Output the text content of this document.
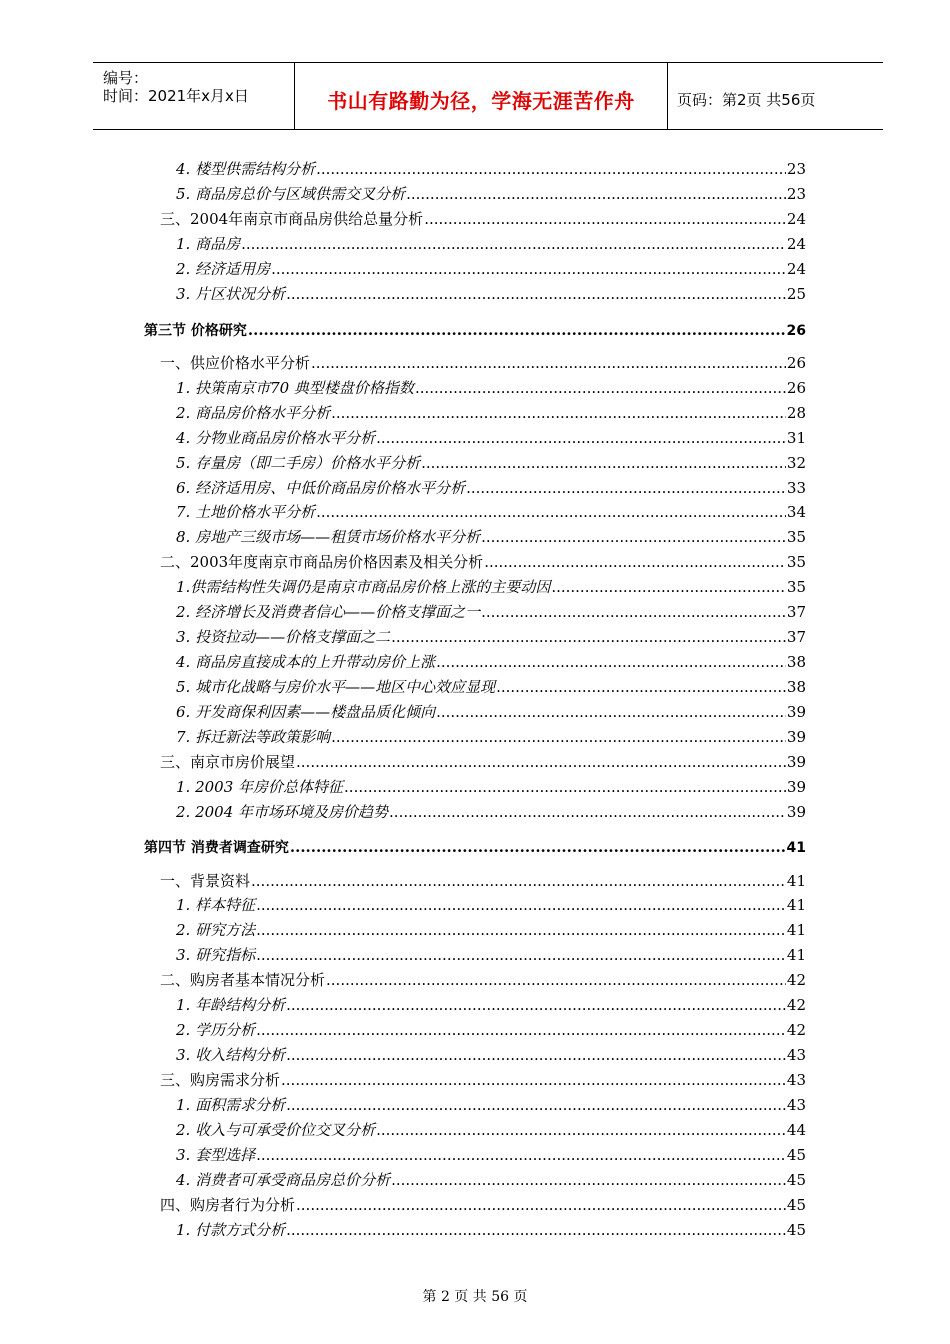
编号：
时间：2021年x月x日	书山有路勤为径，学海无涯苦作舟	页码：第2页 共56页
4. 楼型供需结构分析 .....	23
5. 商品房总价与区域供需交叉分析 .....	23
三、2004年南京市商品房供给总量分析 .....	24
1. 商品房 .....	24
2. 经济适用房 .....	24
3. 片区状况分析 .....	25
第三节 价格研究 .....	26
一、供应价格水平分析 .....	26
1. 抉策南京市70 典型楼盘价格指数 .....	26
2. 商品房价格水平分析 .....	28
4. 分物业商品房价格水平分析 .....	31
5. 存量房（即二手房）价格水平分析 .....	32
6. 经济适用房、中低价商品房价格水平分析 .....	33
7. 土地价格水平分析 .....	34
8. 房地产三级市场——租赁市场价格水平分析 .....	35
二、2003年度南京市商品房价格因素及相关分析 .....	35
1.供需结构性失调仍是南京市商品房价格上涨的主要动因 .....	35
2. 经济增长及消费者信心——价格支撑面之一 .....	37
3. 投资拉动——价格支撑面之二 .....	37
4. 商品房直接成本的上升带动房价上涨 .....	38
5. 城市化战略与房价水平——地区中心效应显现 .....	38
6. 开发商保利因素——楼盘品质化倾向 .....	39
7. 拆迁新法等政策影响 .....	39
三、南京市房价展望 .....	39
1. 2003 年房价总体特征 .....	39
2. 2004 年市场环境及房价趋势 .....	39
第四节 消费者调查研究 .....	41
一、背景资料 .....	41
1. 样本特征 .....	41
2. 研究方法 .....	41
3. 研究指标 .....	41
二、购房者基本情况分析 .....	42
1. 年龄结构分析 .....	42
2. 学历分析 .....	42
3. 收入结构分析 .....	43
三、购房需求分析 .....	43
1. 面积需求分析 .....	43
2. 收入与可承受价位交叉分析 .....	44
3. 套型选择 .....	45
4. 消费者可承受商品房总价分析 .....	45
四、购房者行为分析 .....	45
1. 付款方式分析 .....	45
第 2 页 共 56 页
